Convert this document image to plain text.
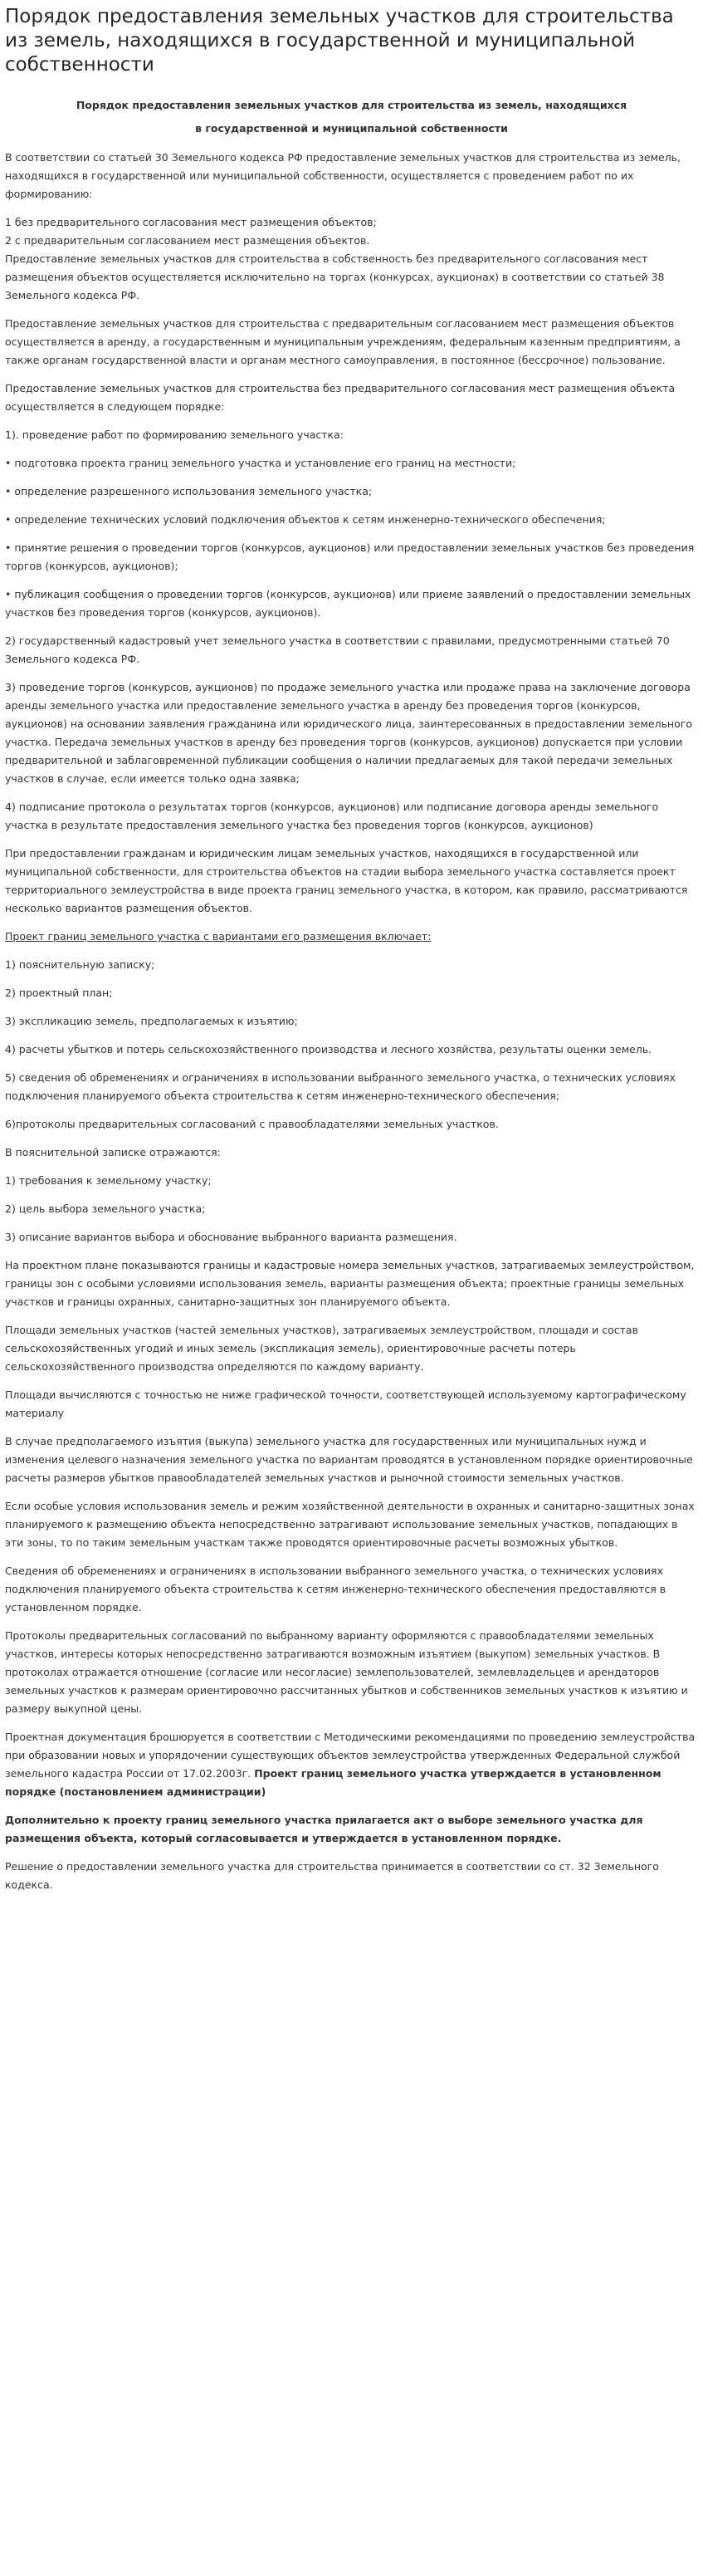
Порядок предоставления земельных участков для строительства из земель, находящихся в государственной и муниципальной собственности
Порядок предоставления земельных участков для строительства из земель, находящихся
в государственной и муниципальной собственности

В соответствии со статьей 30 Земельного кодекса РФ предоставление земельных участков для строительства из земель, находящихся в государственной или муниципальной собственности, осуществляется с проведением работ по их формированию:

1 без предварительного согласования мест размещения объектов;

2 с предварительным согласованием мест размещения объектов.

Предоставление земельных участков для строительства в собственность без предварительного согласования мест размещения объектов осуществляется исключительно на торгах (конкурсах, аукционах) в соответствии со статьей 38 Земельного кодекса РФ.

Предоставление земельных участков для строительства с предварительным согласованием мест размещения объектов осуществляется в аренду, а государственным и муниципальным учреждениям, федеральным казенным предприятиям, а также органам государственной власти и органам местного самоуправления, в постоянное (бессрочное) пользование.

Предоставление земельных участков для строительства без предварительного согласования мест размещения объекта осуществляется в следующем порядке:

1). проведение работ по формированию земельного участка:

• подготовка проекта границ земельного участка и установление его границ на местности;

• определение разрешенного использования земельного участка;

• определение технических условий подключения объектов к сетям инженерно-технического обеспечения;

• принятие решения о проведении торгов (конкурсов, аукционов) или предоставлении земельных участков без проведения торгов (конкурсов, аукционов);

• публикация сообщения о проведении торгов (конкурсов, аукционов) или приеме заявлений о предоставлении земельных участков без проведения торгов (конкурсов, аукционов).

2) государственный кадастровый учет земельного участка в соответствии с правилами, предусмотренными статьей 70 Земельного кодекса РФ.

3) проведение торгов (конкурсов, аукционов) по продаже земельного участка или продаже права на заключение договора аренды земельного участка или предоставление земельного участка в аренду без проведения торгов (конкурсов, аукционов) на основании заявления гражданина или юридического лица, заинтересованных в предоставлении земельного участка. Передача земельных участков в аренду без проведения торгов (конкурсов, аукционов) допускается при условии предварительной и заблаговременной публикации сообщения о наличии предлагаемых для такой передачи земельных участков в случае, если имеется только одна заявка;

4) подписание протокола о результатах торгов (конкурсов, аукционов) или подписание договора аренды земельного участка в результате предоставления земельного участка без проведения торгов (конкурсов, аукционов)

При предоставлении гражданам и юридическим лицам земельных участков, находящихся в государственной или муниципальной собственности, для строительства объектов на стадии выбора земельного участка составляется проект территориального землеустройства в виде проекта границ земельного участка, в котором, как правило, рассматриваются несколько вариантов размещения объектов.

Проект границ земельного участка с вариантами его размещения включает:

1) пояснительную записку;

2) проектный план;

3) экспликацию земель, предполагаемых к изъятию;

4) расчеты убытков и потерь сельскохозяйственного производства и лесного хозяйства, результаты оценки земель.

5) сведения об обременениях и ограничениях в использовании выбранного земельного участка, о технических условиях подключения планируемого объекта строительства к сетям инженерно-технического обеспечения;

6)протоколы предварительных согласований с правообладателями земельных участков.

В пояснительной записке отражаются:

1) требования к земельному участку;

2) цель выбора земельного участка;

3) описание вариантов выбора и обоснование выбранного варианта размещения.

На проектном плане показываются границы и кадастровые номера земельных участков, затрагиваемых землеустройством, границы зон с особыми условиями использования земель, варианты размещения объекта; проектные границы земельных участков и границы охранных, санитарно-защитных зон планируемого объекта.

Площади земельных участков (частей земельных участков), затрагиваемых землеустройством, площади и состав сельскохозяйственных угодий и иных земель (экспликация земель), ориентировочные расчеты потерь сельскохозяйственного производства определяются по каждому варианту.

Площади вычисляются с точностью не ниже графической точности, соответствующей используемому картографическому материалу

В случае предполагаемого изъятия (выкупа) земельного участка для государственных или муниципальных нужд и изменения целевого назначения земельного участка по вариантам проводятся в установленном порядке ориентировочные расчеты размеров убытков правообладателей земельных участков и рыночной стоимости земельных участков.

Если особые условия использования земель и режим хозяйственной деятельности в охранных и санитарно-защитных зонах планируемого к размещению объекта непосредственно затрагивают использование земельных участков, попадающих в эти зоны, то по таким земельным участкам также проводятся ориентировочные расчеты возможных убытков.

Сведения об обременениях и ограничениях в использовании выбранного земельного участка, о технических условиях подключения планируемого объекта строительства к сетям инженерно-технического обеспечения предоставляются в установленном порядке.

Протоколы предварительных согласований по выбранному варианту оформляются с правообладателями земельных участков, интересы которых непосредственно затрагиваются возможным изъятием (выкупом) земельных участков. В протоколах отражается отношение (согласие или несогласие) землепользователей, землевладельцев и арендаторов земельных участков к размерам ориентировочно рассчитанных убытков и собственников земельных участков к изъятию и размеру выкупной цены.

Проектная документация брошюруется в соответствии с Методическими рекомендациями по проведению землеустройства при образовании новых и упорядочении существующих объектов землеустройства утвержденных Федеральной службой земельного кадастра России от 17.02.2003г. Проект границ земельного участка утверждается в установленном порядке (постановлением администрации)

Дополнительно к проекту границ земельного участка прилагается акт о выборе земельного участка для размещения объекта, который согласовывается и утверждается в установленном порядке.

Решение о предоставлении земельного участка для строительства принимается в соответствии со ст. 32 Земельного кодекса.
